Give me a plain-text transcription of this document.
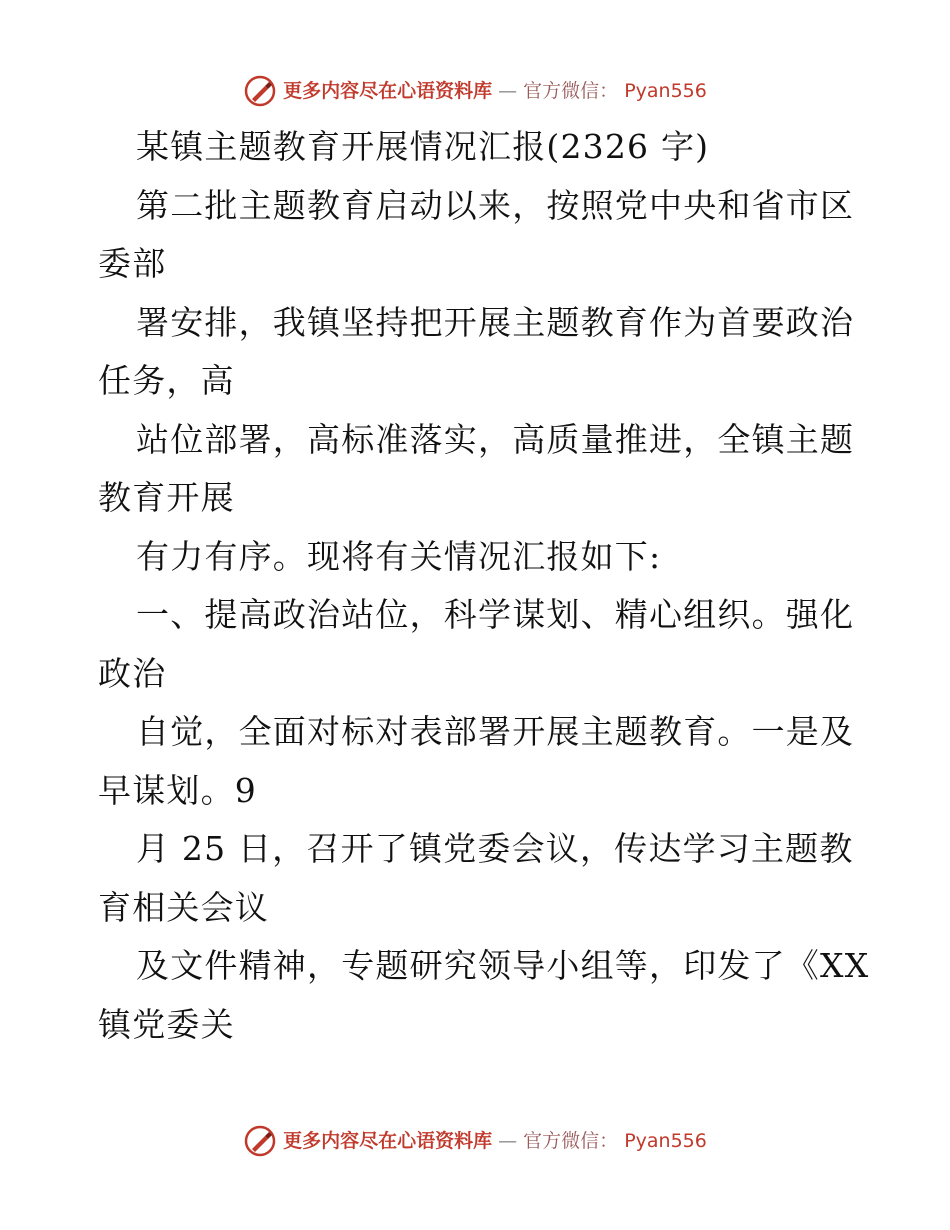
更多内容尽在心语资料库 — 官方微信： Pyan556
某镇主题教育开展情况汇报(2326 字)
第二批主题教育启动以来，按照党中央和省市区
委部
署安排，我镇坚持把开展主题教育作为首要政治
任务，高
站位部署，高标准落实，高质量推进，全镇主题
教育开展
有力有序。现将有关情况汇报如下:
一、提高政治站位，科学谋划、精心组织。强化
政治
自觉，全面对标对表部署开展主题教育。一是及
早谋划。9
月 25 日，召开了镇党委会议，传达学习主题教
育相关会议
及文件精神，专题研究领导小组等，印发了《XX
镇党委关
更多内容尽在心语资料库 — 官方微信： Pyan556
